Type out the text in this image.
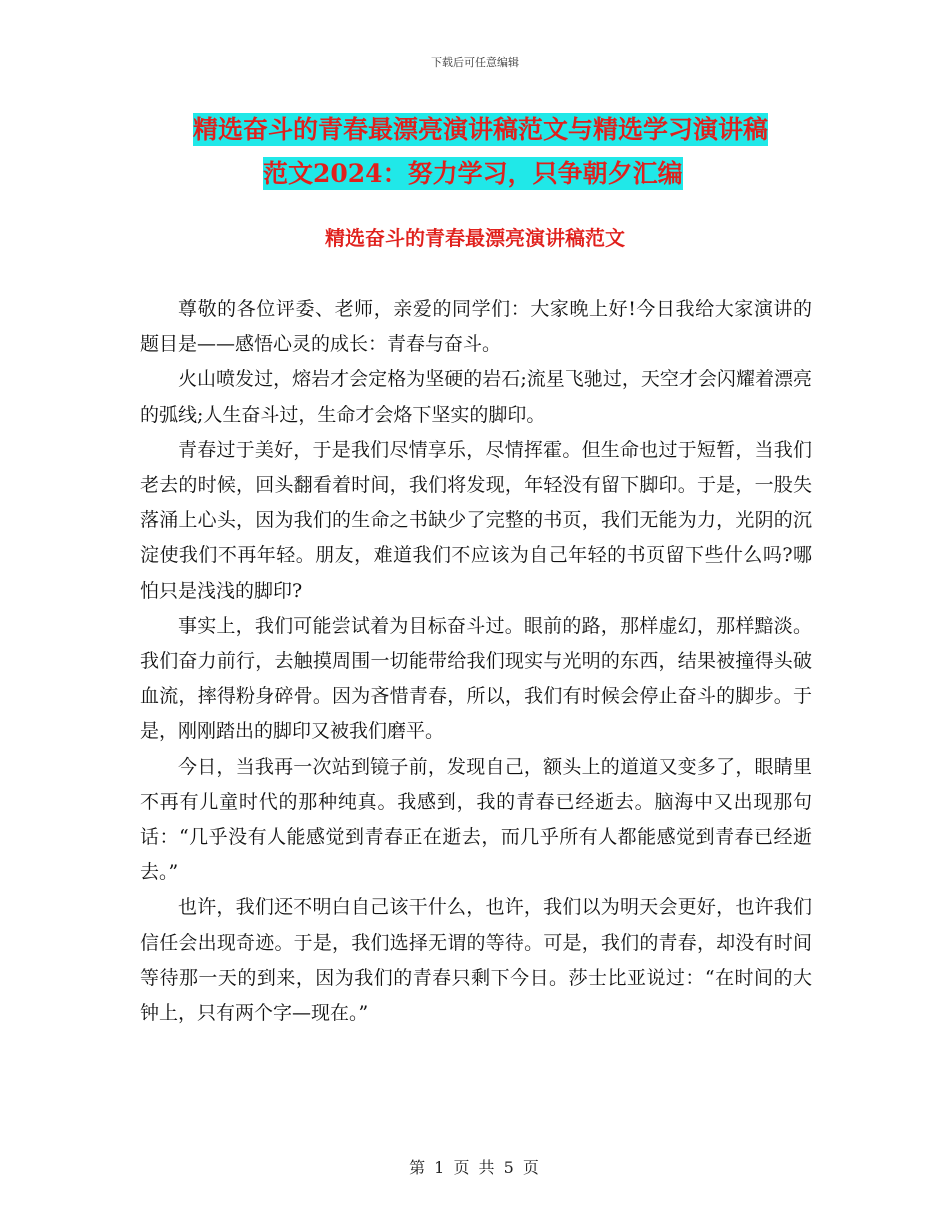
下载后可任意编辑
精选奋斗的青春最漂亮演讲稿范文与精选学习演讲稿
范文2024：努力学习，只争朝夕汇编
精选奋斗的青春最漂亮演讲稿范文

尊敬的各位评委、老师，亲爱的同学们：大家晚上好!今日我给大家演讲的题目是——感悟心灵的成长：青春与奋斗。

火山喷发过，熔岩才会定格为坚硬的岩石;流星飞驰过，天空才会闪耀着漂亮的弧线;人生奋斗过，生命才会烙下坚实的脚印。

青春过于美好，于是我们尽情享乐，尽情挥霍。但生命也过于短暂，当我们老去的时候，回头翻看着时间，我们将发现，年轻没有留下脚印。于是，一股失落涌上心头，因为我们的生命之书缺少了完整的书页，我们无能为力，光阴的沉淀使我们不再年轻。朋友，难道我们不应该为自己年轻的书页留下些什么吗?哪怕只是浅浅的脚印?

事实上，我们可能尝试着为目标奋斗过。眼前的路，那样虚幻，那样黯淡。我们奋力前行，去触摸周围一切能带给我们现实与光明的东西，结果被撞得头破血流，摔得粉身碎骨。因为吝惜青春，所以，我们有时候会停止奋斗的脚步。于是，刚刚踏出的脚印又被我们磨平。

今日，当我再一次站到镜子前，发现自己，额头上的道道又变多了，眼睛里不再有儿童时代的那种纯真。我感到，我的青春已经逝去。脑海中又出现那句话：“几乎没有人能感觉到青春正在逝去，而几乎所有人都能感觉到青春已经逝去。”

也许，我们还不明白自己该干什么，也许，我们以为明天会更好，也许我们信任会出现奇迹。于是，我们选择无谓的等待。可是，我们的青春，却没有时间等待那一天的到来，因为我们的青春只剩下今日。莎士比亚说过：“在时间的大钟上，只有两个字—现在。”

第 1 页 共 5 页
